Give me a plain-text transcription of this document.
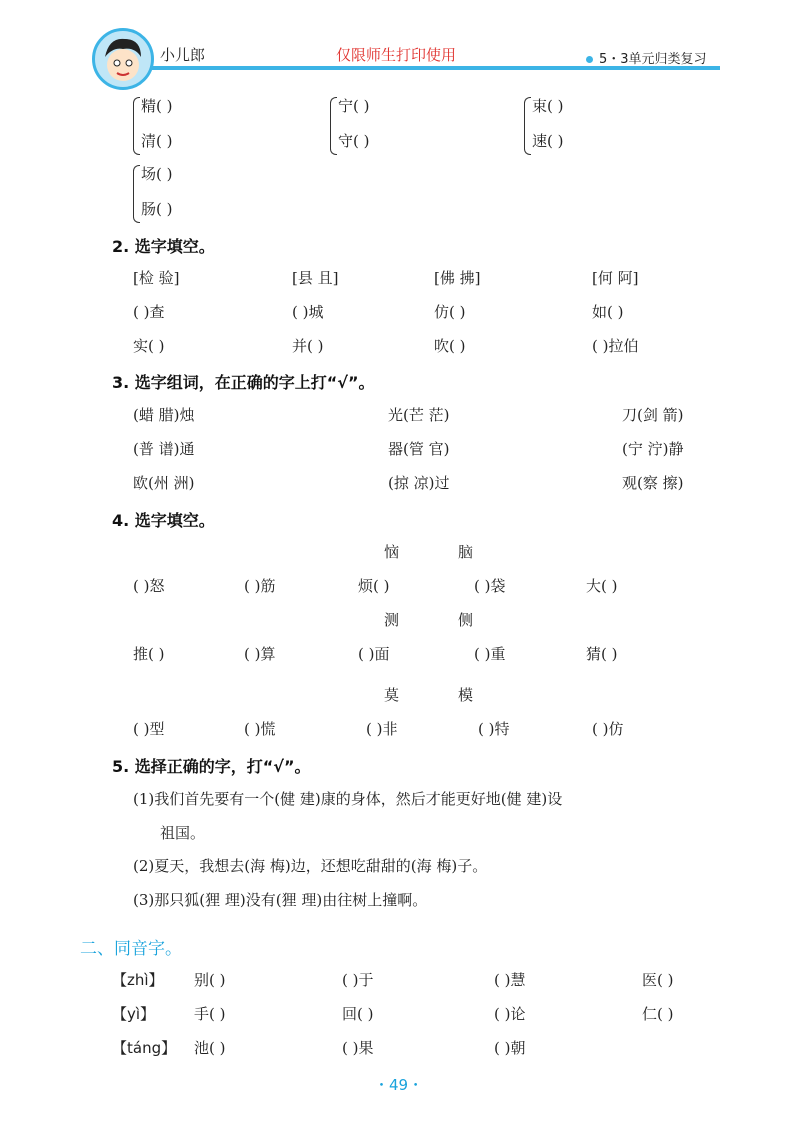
小儿郎	仅限师生打印使用	5・3单元归类复习
精( )
清( )
宁( )
守( )
束( )
速( )
场( )
肠( )
2. 选字填空。
[检 验]	[县 且]	[佛 拂]	[何 阿]
( )查	( )城	仿( )	如( )
实( )	并( )	吹( )	( )拉伯
3. 选字组词，在正确的字上打“√”。
(蜡 腊)烛	光(芒 茫)	刀(剑 箭)
(普 谱)通	器(管 官)	(宁 泞)静
欧(州 洲)	(掠 凉)过	观(察 擦)
4. 选字填空。
恼	脑
( )怒	( )筋	烦( )	( )袋	大( )
测	侧
推( )	( )算	( )面	( )重	猜( )
莫	模
( )型	( )慌	( )非	( )特	( )仿
5. 选择正确的字，打“√”。
(1)我们首先要有一个(健 建)康的身体，然后才能更好地(健 建)设
祖国。
(2)夏天，我想去(海 梅)边，还想吃甜甜的(海 梅)子。
(3)那只狐(狸 理)没有(狸 理)由往树上撞啊。
二、同音字。
【zhì】 别( )	( )于	( )慧	医( )
【yì】	手( )	回( )	( )论	仁( )
【táng】 池( )	( )果	( )朝
・49・
